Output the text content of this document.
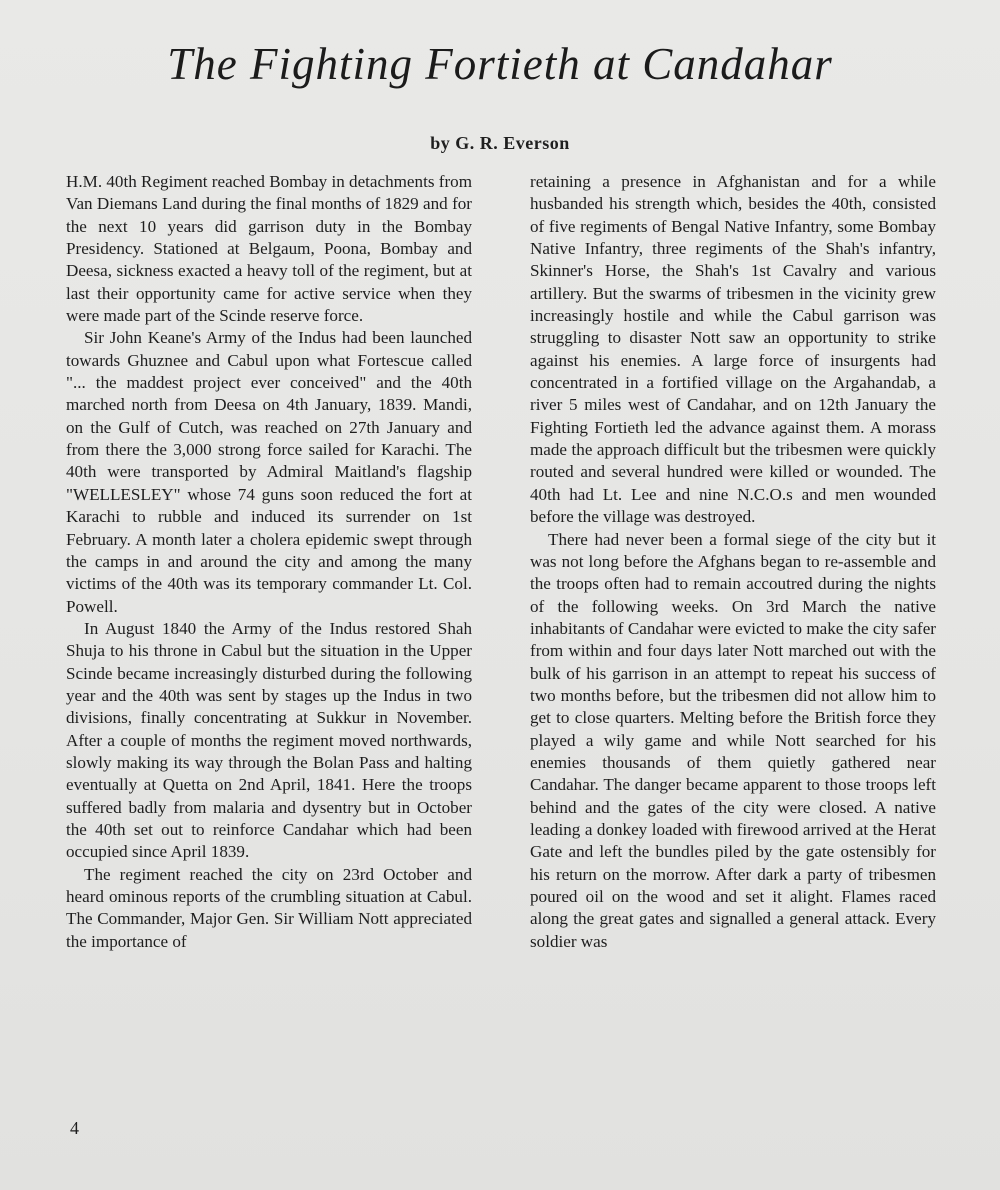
The Fighting Fortieth at Candahar
by G. R. Everson

H.M. 40th Regiment reached Bombay in detachments from Van Diemans Land during the final months of 1829 and for the next 10 years did garrison duty in the Bombay Presidency. Stationed at Belgaum, Poona, Bombay and Deesa, sickness exacted a heavy toll of the regiment, but at last their opportunity came for active service when they were made part of the Scinde reserve force.

Sir John Keane's Army of the Indus had been launched towards Ghuznee and Cabul upon what Fortescue called "... the maddest project ever conceived" and the 40th marched north from Deesa on 4th January, 1839. Mandi, on the Gulf of Cutch, was reached on 27th January and from there the 3,000 strong force sailed for Karachi. The 40th were transported by Admiral Maitland's flagship "WELLESLEY" whose 74 guns soon reduced the fort at Karachi to rubble and induced its surrender on 1st February. A month later a cholera epidemic swept through the camps in and around the city and among the many victims of the 40th was its temporary commander Lt. Col. Powell.

In August 1840 the Army of the Indus restored Shah Shuja to his throne in Cabul but the situation in the Upper Scinde became increasingly disturbed during the following year and the 40th was sent by stages up the Indus in two divisions, finally concentrating at Sukkur in November. After a couple of months the regiment moved northwards, slowly making its way through the Bolan Pass and halting eventually at Quetta on 2nd April, 1841. Here the troops suffered badly from malaria and dysentry but in October the 40th set out to reinforce Candahar which had been occupied since April 1839.

The regiment reached the city on 23rd October and heard ominous reports of the crumbling situation at Cabul. The Commander, Major Gen. Sir William Nott appreciated the importance of

retaining a presence in Afghanistan and for a while husbanded his strength which, besides the 40th, consisted of five regiments of Bengal Native Infantry, some Bombay Native Infantry, three regiments of the Shah's infantry, Skinner's Horse, the Shah's 1st Cavalry and various artillery. But the swarms of tribesmen in the vicinity grew increasingly hostile and while the Cabul garrison was struggling to disaster Nott saw an opportunity to strike against his enemies. A large force of insurgents had concentrated in a fortified village on the Argahandab, a river 5 miles west of Candahar, and on 12th January the Fighting Fortieth led the advance against them. A morass made the approach difficult but the tribesmen were quickly routed and several hundred were killed or wounded. The 40th had Lt. Lee and nine N.C.O.s and men wounded before the village was destroyed.

There had never been a formal siege of the city but it was not long before the Afghans began to re-assemble and the troops often had to remain accoutred during the nights of the following weeks. On 3rd March the native inhabitants of Candahar were evicted to make the city safer from within and four days later Nott marched out with the bulk of his garrison in an attempt to repeat his success of two months before, but the tribesmen did not allow him to get to close quarters. Melting before the British force they played a wily game and while Nott searched for his enemies thousands of them quietly gathered near Candahar. The danger became apparent to those troops left behind and the gates of the city were closed. A native leading a donkey loaded with firewood arrived at the Herat Gate and left the bundles piled by the gate ostensibly for his return on the morrow. After dark a party of tribesmen poured oil on the wood and set it alight. Flames raced along the great gates and signalled a general attack. Every soldier was

4
